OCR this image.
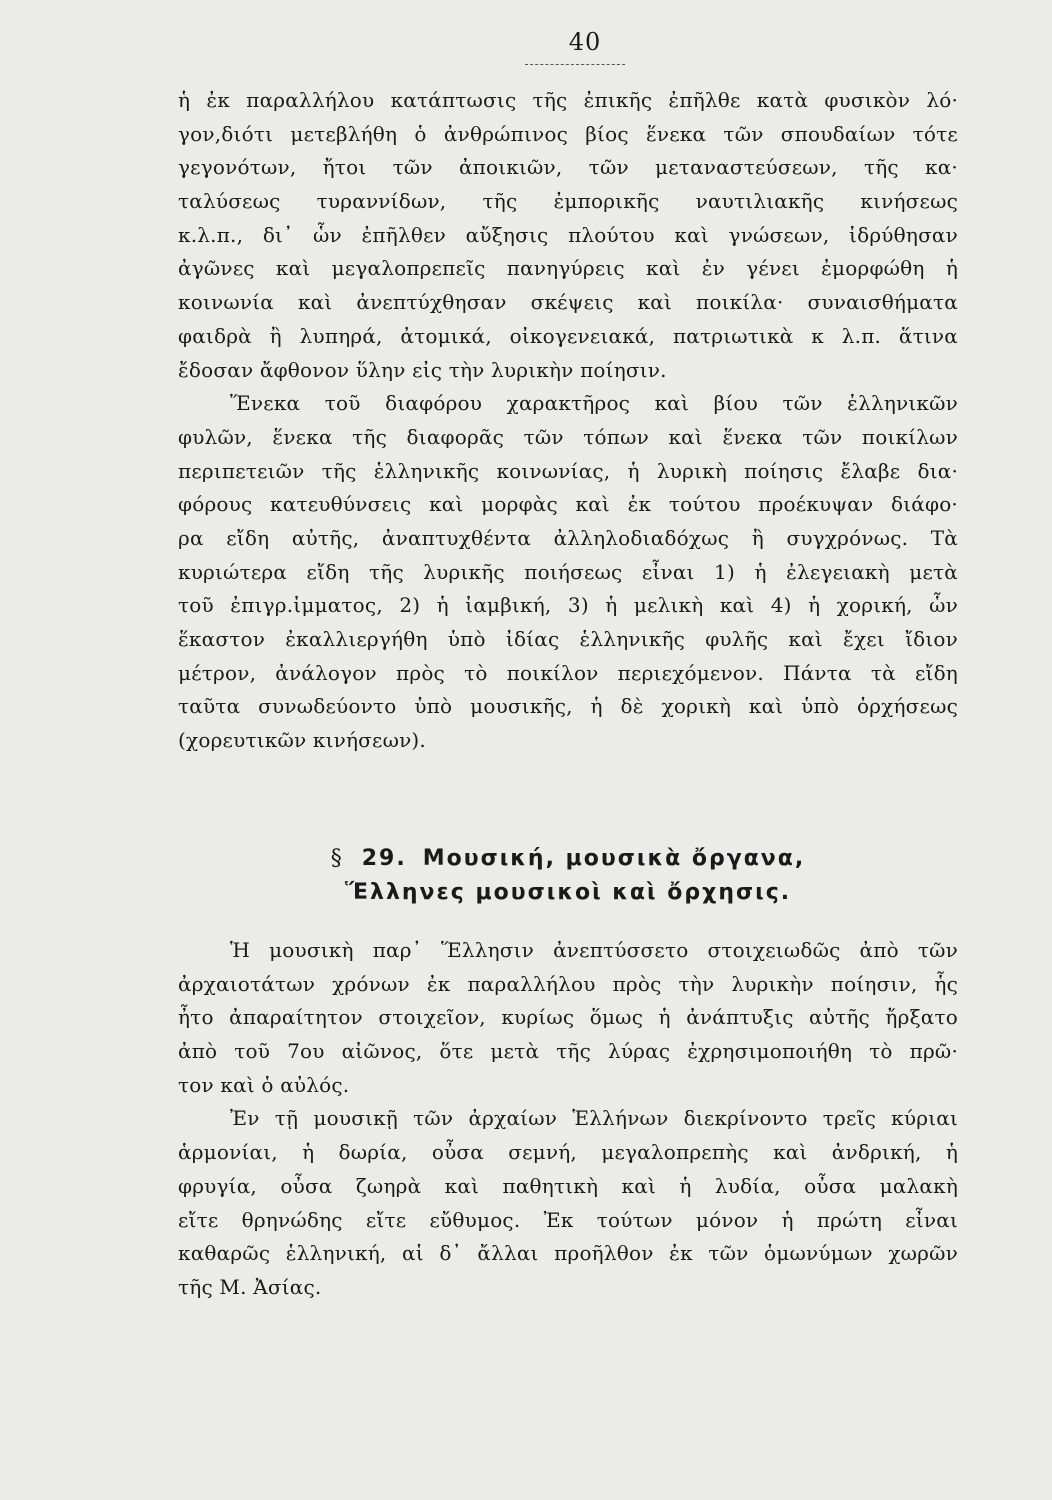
40
ἡ ἐκ παραλλήλου κατάπτωσις τῆς ἐπικῆς ἐπῆλθε κατὰ φυσικὸν λό·
γον,διότι μετεβλήθη ὁ ἀνθρώπινος βίος ἕνεκα τῶν σπουδαίων τότε
γεγονότων, ἤτοι τῶν ἀποικιῶν, τῶν μεταναστεύσεων, τῆς κα·
ταλύσεως τυραννίδων, τῆς ἐμπορικῆς ναυτιλιακῆς κινήσεως
κ.λ.π., δι᾽ ὧν ἐπῆλθεν αὔξησις πλούτου καὶ γνώσεων, ἱδρύθησαν
ἀγῶνες καὶ μεγαλοπρεπεῖς πανηγύρεις καὶ ἐν γένει ἐμορφώθη ἡ
κοινωνία καὶ ἀνεπτύχθησαν σκέψεις καὶ ποικίλα· συναισθήματα
φαιδρὰ ἢ λυπηρά, ἀτομικά, οἰκογενειακά, πατριωτικὰ κ λ.π. ἅτινα
ἔδοσαν ἄφθονον ὕλην εἰς τὴν λυρικὴν ποίησιν.
Ἕνεκα τοῦ διαφόρου χαρακτῆρος καὶ βίου τῶν ἑλληνικῶν
φυλῶν, ἕνεκα τῆς διαφορᾶς τῶν τόπων καὶ ἕνεκα τῶν ποικίλων
περιπετειῶν τῆς ἑλληνικῆς κοινωνίας, ἡ λυρικὴ ποίησις ἔλαβε δια·
φόρους κατευθύνσεις καὶ μορφὰς καὶ ἐκ τούτου προέκυψαν διάφο·
ρα εἴδη αὐτῆς, ἀναπτυχθέντα ἀλληλοδιαδόχως ἢ συγχρόνως. Τὰ
κυριώτερα εἴδη τῆς λυρικῆς ποιήσεως εἶναι 1) ἡ ἐλεγειακὴ μετὰ
τοῦ ἐπιγρ.ἰμματος, 2) ἡ ἰαμβική, 3) ἡ μελικὴ καὶ 4) ἡ χορική, ὧν
ἕκαστον ἐκαλλιεργήθη ὑπὸ ἰδίας ἑλληνικῆς φυλῆς καὶ ἔχει ἴδιον
μέτρον, ἀνάλογον πρὸς τὸ ποικίλον περιεχόμενον. Πάντα τὰ εἴδη
ταῦτα συνωδεύοντο ὑπὸ μουσικῆς, ἡ δὲ χορικὴ καὶ ὑπὸ ὀρχήσεως
(χορευτικῶν κινήσεων).
§ 29. Μουσική, μουσικὰ ὄργανα,
Ἕλληνες μουσικοὶ καὶ ὄρχησις.
Ἡ μουσικὴ παρ᾽ Ἕλλησιν ἀνεπτύσσετο στοιχειωδῶς ἀπὸ τῶν
ἀρχαιοτάτων χρόνων ἐκ παραλλήλου πρὸς τὴν λυρικὴν ποίησιν, ἧς
ἦτο ἀπαραίτητον στοιχεῖον, κυρίως ὅμως ἡ ἀνάπτυξις αὐτῆς ἤρξατο
ἀπὸ τοῦ 7ου αἰῶνος, ὅτε μετὰ τῆς λύρας ἐχρησιμοποιήθη τὸ πρῶ·
τον καὶ ὁ αὐλός.
Ἐν τῇ μουσικῇ τῶν ἀρχαίων Ἑλλήνων διεκρίνοντο τρεῖς κύριαι
ἁρμονίαι, ἡ δωρία, οὖσα σεμνή, μεγαλοπρεπὴς καὶ ἀνδρική, ἡ
φρυγία, οὖσα ζωηρὰ καὶ παθητικὴ καὶ ἡ λυδία, οὖσα μαλακὴ
εἴτε θρηνώδης εἴτε εὔθυμος. Ἐκ τούτων μόνον ἡ πρώτη εἶναι
καθαρῶς ἑλληνική, αἱ δ᾽ ἄλλαι προῆλθον ἐκ τῶν ὁμωνύμων χωρῶν
τῆς Μ. Ἀσίας.
